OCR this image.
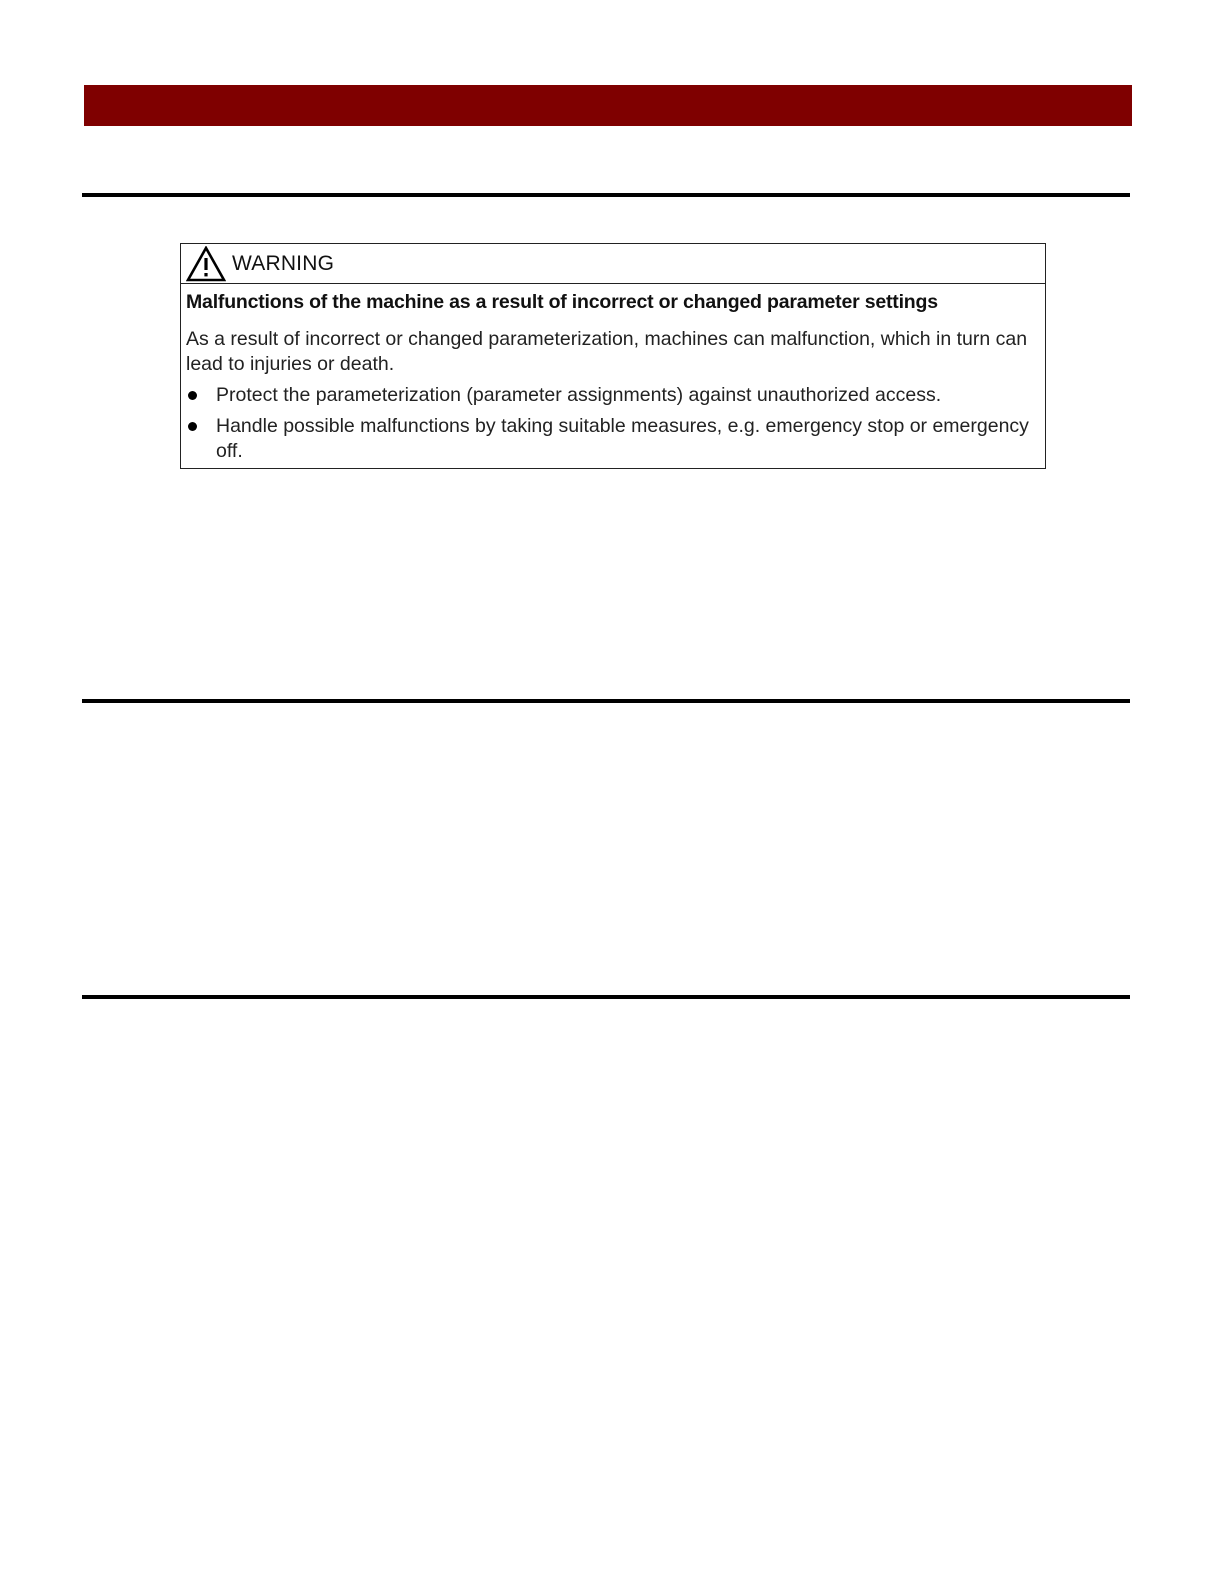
WARNING
Malfunctions of the machine as a result of incorrect or changed parameter settings
As a result of incorrect or changed parameterization, machines can malfunction, which in turn can lead to injuries or death.
Protect the parameterization (parameter assignments) against unauthorized access.
Handle possible malfunctions by taking suitable measures, e.g. emergency stop or emergency off.
